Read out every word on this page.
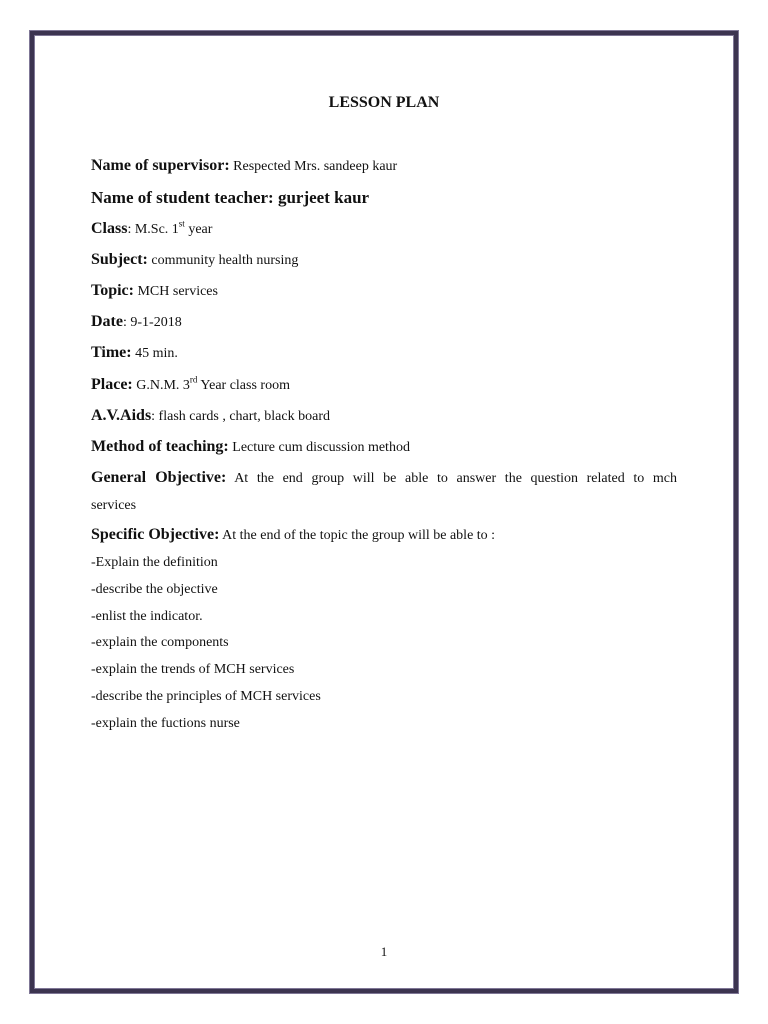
LESSON PLAN
Name of supervisor: Respected Mrs. sandeep kaur
Name of student teacher: gurjeet kaur
Class: M.Sc. 1st year
Subject: community health nursing
Topic: MCH services
Date: 9-1-2018
Time: 45 min.
Place: G.N.M. 3rd Year class room
A.V.Aids: flash cards , chart, black board
Method of teaching: Lecture cum discussion method
General Objective: At the end group will be able to answer the question related to mch
services
Specific Objective: At the end of the topic the group will be able to :
-Explain the definition
-describe the objective
-enlist the indicator.
-explain the components
-explain the trends of MCH services
-describe the principles of MCH services
-explain the fuctions nurse
1
